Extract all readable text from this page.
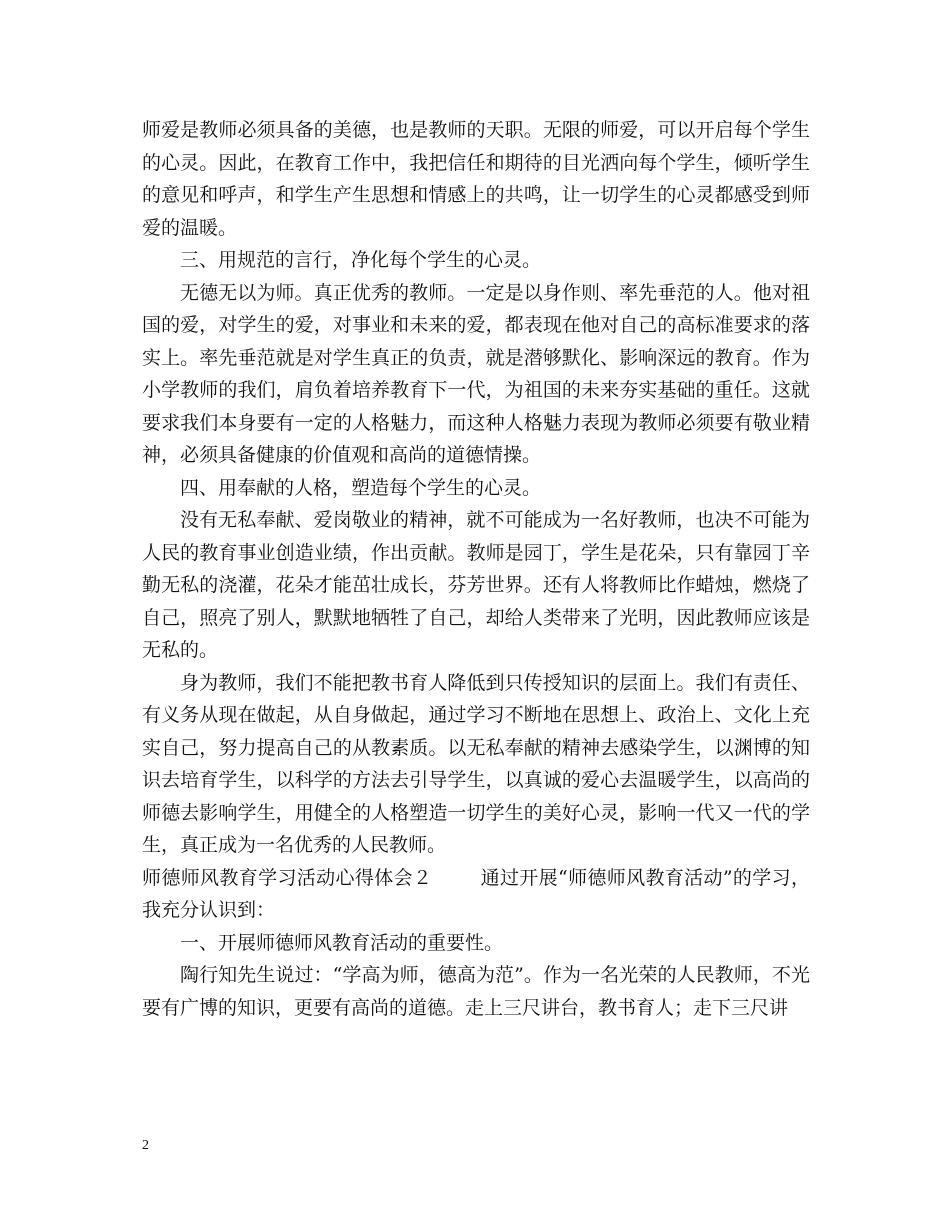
师爱是教师必须具备的美德，也是教师的天职。无限的师爱，可以开启每个学生的心灵。因此，在教育工作中，我把信任和期待的目光洒向每个学生，倾听学生的意见和呼声，和学生产生思想和情感上的共鸣，让一切学生的心灵都感受到师爱的温暖。

三、用规范的言行，净化每个学生的心灵。

无德无以为师。真正优秀的教师。一定是以身作则、率先垂范的人。他对祖国的爱，对学生的爱，对事业和未来的爱，都表现在他对自己的高标准要求的落实上。率先垂范就是对学生真正的负责，就是潜够默化、影响深远的教育。作为小学教师的我们，肩负着培养教育下一代，为祖国的未来夯实基础的重任。这就要求我们本身要有一定的人格魅力，而这种人格魅力表现为教师必须要有敬业精神，必须具备健康的价值观和高尚的道德情操。

四、用奉献的人格，塑造每个学生的心灵。

没有无私奉献、爱岗敬业的精神，就不可能成为一名好教师，也决不可能为人民的教育事业创造业绩，作出贡献。教师是园丁，学生是花朵，只有靠园丁辛勤无私的浇灌，花朵才能茁壮成长，芬芳世界。还有人将教师比作蜡烛，燃烧了自己，照亮了别人，默默地牺牲了自己，却给人类带来了光明，因此教师应该是无私的。

身为教师，我们不能把教书育人降低到只传授知识的层面上。我们有责任、有义务从现在做起，从自身做起，通过学习不断地在思想上、政治上、文化上充实自己，努力提高自己的从教素质。以无私奉献的精神去感染学生，以渊博的知识去培育学生，以科学的方法去引导学生，以真诚的爱心去温暖学生，以高尚的师德去影响学生，用健全的人格塑造一切学生的美好心灵，影响一代又一代的学生，真正成为一名优秀的人民教师。

师德师风教育学习活动心得体会２	通过开展“师德师风教育活动”的学习，我充分认识到：

一、开展师德师风教育活动的重要性。

陶行知先生说过：“学高为师，德高为范”。作为一名光荣的人民教师，不光要有广博的知识，更要有高尚的道德。走上三尺讲台，教书育人；走下三尺讲

2
